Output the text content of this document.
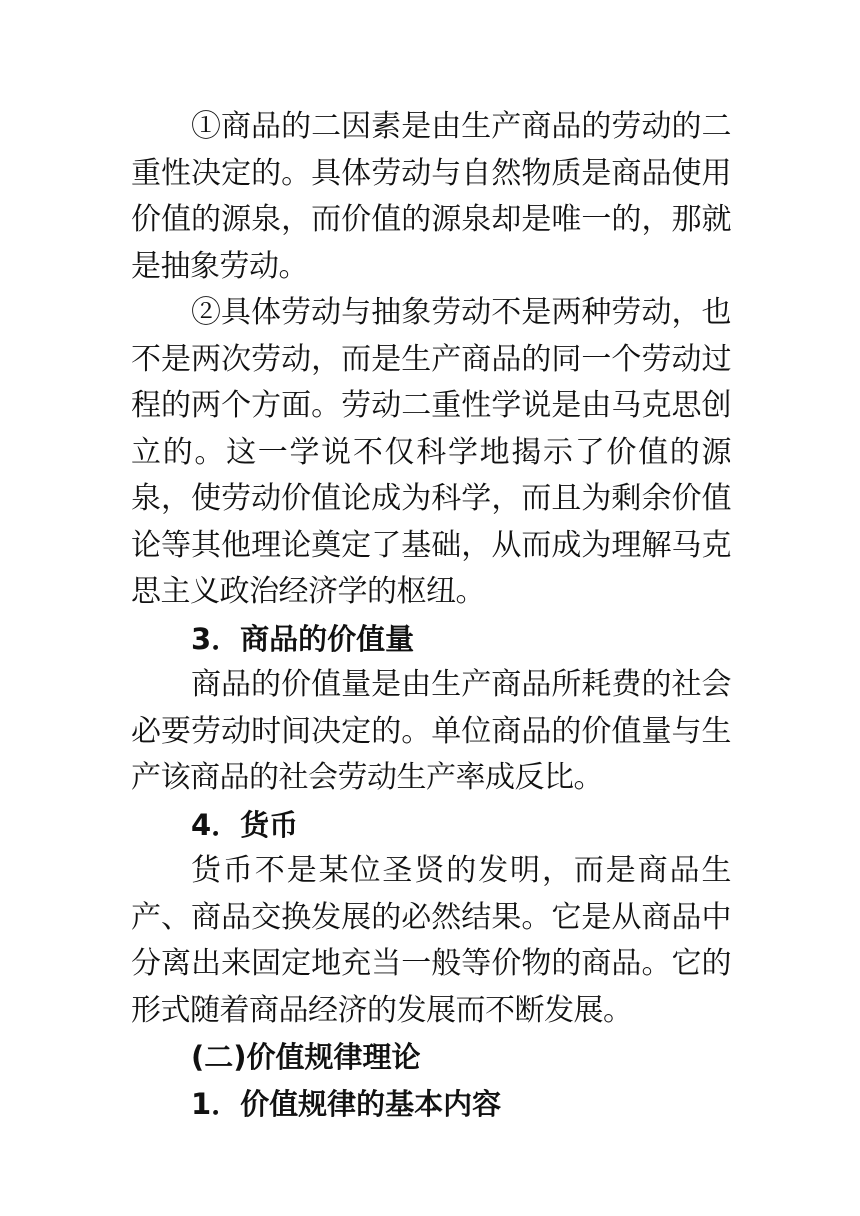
①商品的二因素是由生产商品的劳动的二重性决定的。具体劳动与自然物质是商品使用价值的源泉，而价值的源泉却是唯一的，那就是抽象劳动。

②具体劳动与抽象劳动不是两种劳动，也不是两次劳动，而是生产商品的同一个劳动过程的两个方面。劳动二重性学说是由马克思创立的。这一学说不仅科学地揭示了价值的源泉，使劳动价值论成为科学，而且为剩余价值论等其他理论奠定了基础，从而成为理解马克思主义政治经济学的枢纽。

3．商品的价值量

商品的价值量是由生产商品所耗费的社会必要劳动时间决定的。单位商品的价值量与生产该商品的社会劳动生产率成反比。

4．货币

货币不是某位圣贤的发明，而是商品生产、商品交换发展的必然结果。它是从商品中分离出来固定地充当一般等价物的商品。它的形式随着商品经济的发展而不断发展。

(二)价值规律理论

1．价值规律的基本内容
